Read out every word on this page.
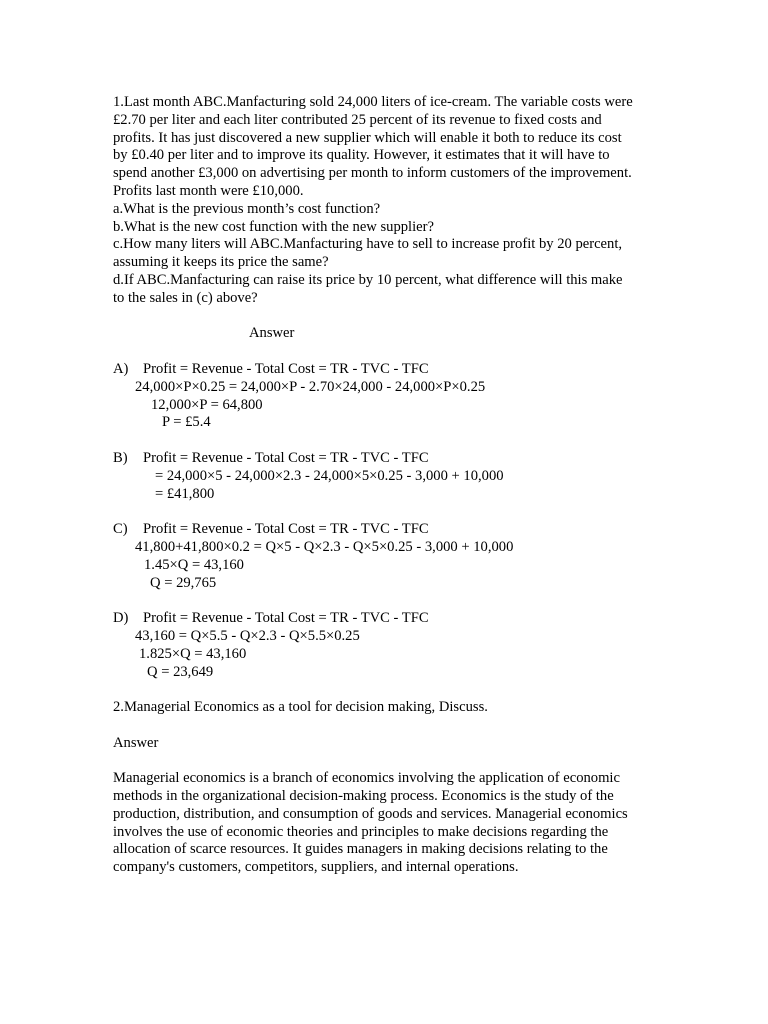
1.Last month ABC.Manfacturing sold 24,000 liters of ice-cream. The variable costs were
£2.70 per liter and each liter contributed 25 percent of its revenue to fixed costs and
profits. It has just discovered a new supplier which will enable it both to reduce its cost
by £0.40 per liter and to improve its quality. However, it estimates that it will have to
spend another £3,000 on advertising per month to inform customers of the improvement.
Profits last month were £10,000.
a.What is the previous month’s cost function?
b.What is the new cost function with the new supplier?
c.How many liters will ABC.Manfacturing have to sell to increase profit by 20 percent,
assuming it keeps its price the same?
d.If ABC.Manfacturing can raise its price by 10 percent, what difference will this make
to the sales in (c) above?
Answer
A) Profit = Revenue - Total Cost = TR - TVC - TFC
24,000×P×0.25 = 24,000×P - 2.70×24,000 - 24,000×P×0.25
12,000×P = 64,800
P = £5.4
B) Profit = Revenue - Total Cost = TR - TVC - TFC
= 24,000×5 - 24,000×2.3 - 24,000×5×0.25 - 3,000 + 10,000
= £41,800
C) Profit = Revenue - Total Cost = TR - TVC - TFC
41,800+41,800×0.2 = Q×5 - Q×2.3 - Q×5×0.25 - 3,000 + 10,000
1.45×Q = 43,160
Q = 29,765
D) Profit = Revenue - Total Cost = TR - TVC - TFC
43,160 = Q×5.5 - Q×2.3 - Q×5.5×0.25
1.825×Q = 43,160
Q = 23,649
2.Managerial Economics as a tool for decision making, Discuss.
Answer
Managerial economics is a branch of economics involving the application of economic
methods in the organizational decision-making process. Economics is the study of the
production, distribution, and consumption of goods and services. Managerial economics
involves the use of economic theories and principles to make decisions regarding the
allocation of scarce resources. It guides managers in making decisions relating to the
company's customers, competitors, suppliers, and internal operations.
